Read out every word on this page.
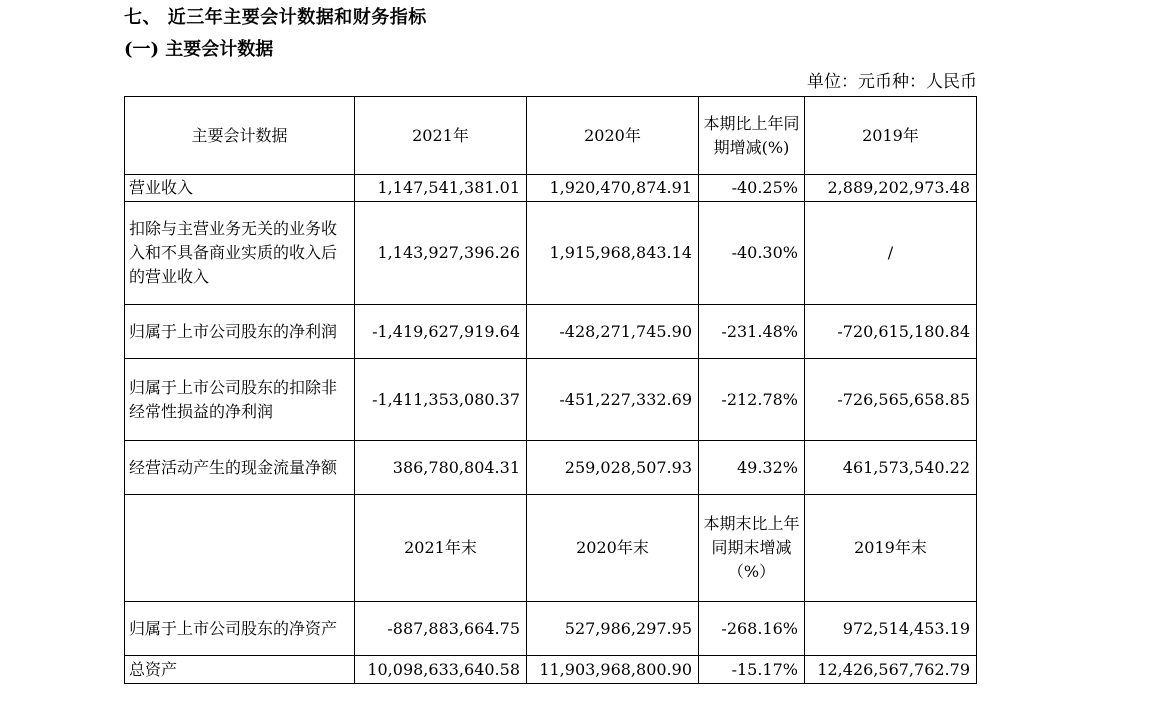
七、 近三年主要会计数据和财务指标
(一) 主要会计数据
单位：元币种：人民币
主要会计数据	2021年	2020年	本期比上年同期增减(%)	2019年
营业收入	1,147,541,381.01	1,920,470,874.91	-40.25%	2,889,202,973.48
扣除与主营业务无关的业务收入和不具备商业实质的收入后的营业收入	1,143,927,396.26	1,915,968,843.14	-40.30%	/
归属于上市公司股东的净利润	-1,419,627,919.64	-428,271,745.90	-231.48%	-720,615,180.84
归属于上市公司股东的扣除非经常性损益的净利润	-1,411,353,080.37	-451,227,332.69	-212.78%	-726,565,658.85
经营活动产生的现金流量净额	386,780,804.31	259,028,507.93	49.32%	461,573,540.22
	2021年末	2020年末	本期末比上年同期末增减（%）	2019年末
归属于上市公司股东的净资产	-887,883,664.75	527,986,297.95	-268.16%	972,514,453.19
总资产	10,098,633,640.58	11,903,968,800.90	-15.17%	12,426,567,762.79
